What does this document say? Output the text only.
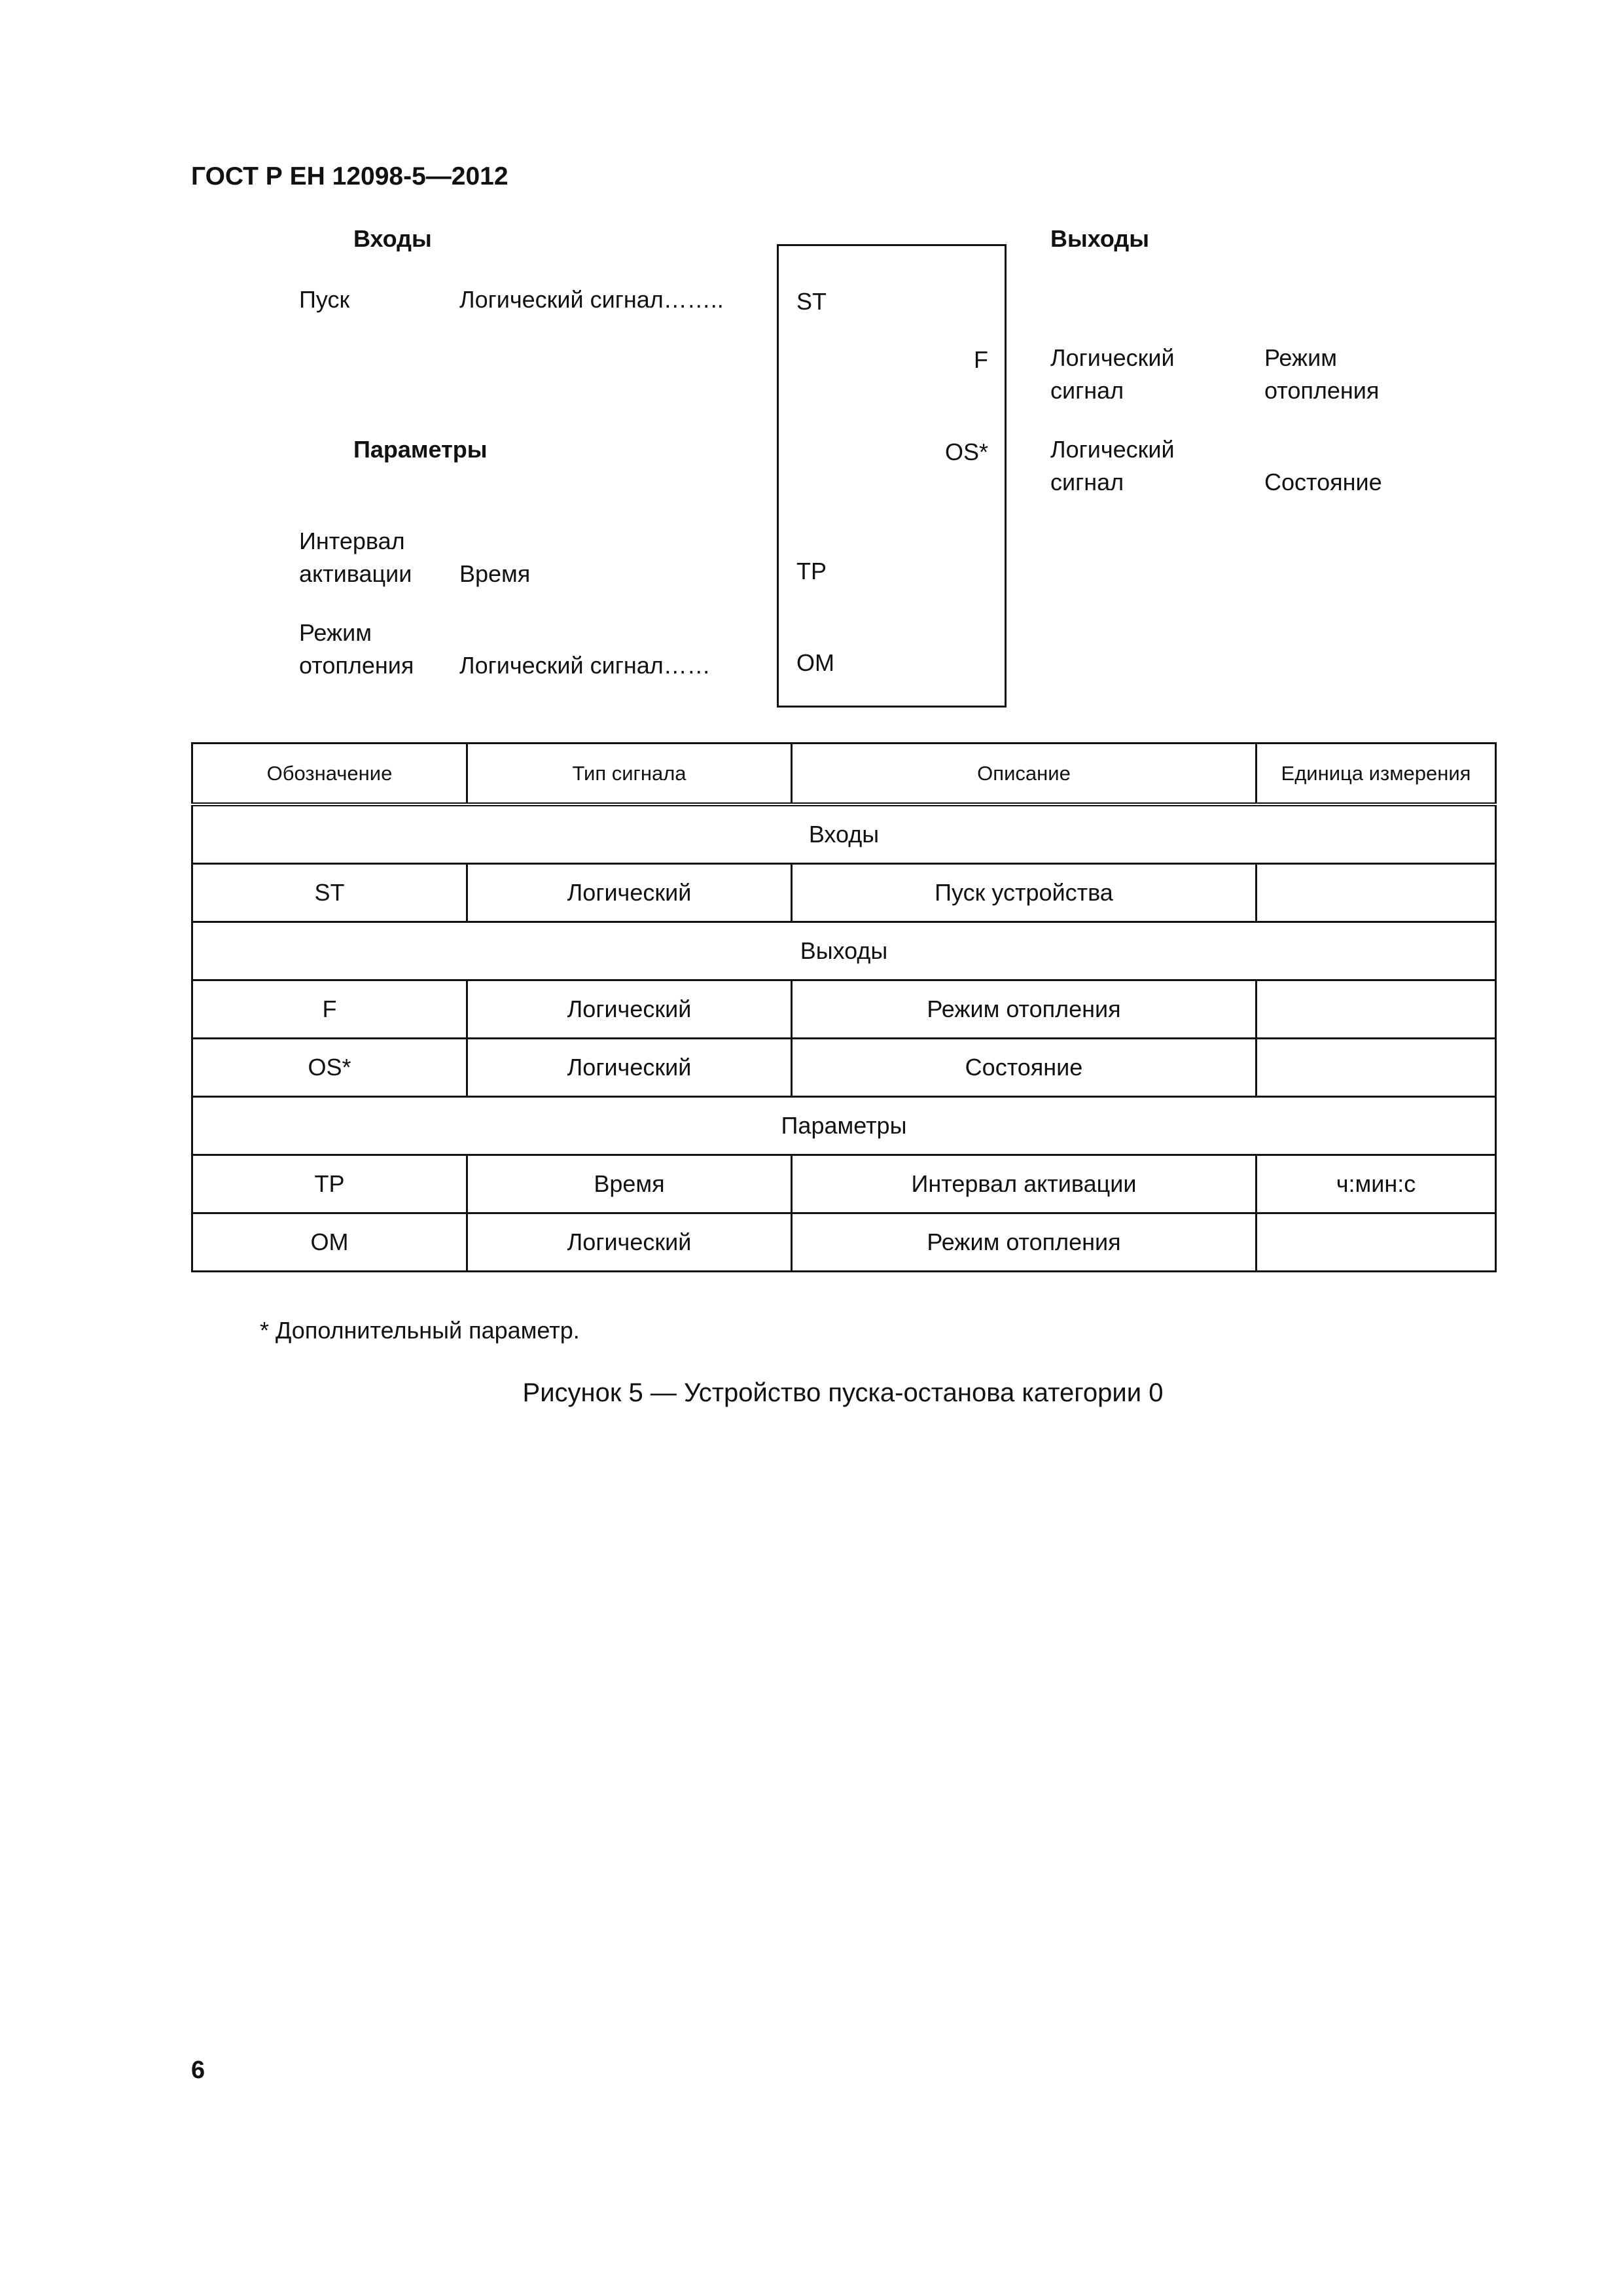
ГОСТ Р ЕН 12098-5—2012
Входы	Выходы
Параметры
Пуск	Логический сигнал……..	ST
F	Логический
сигнал
Режим
отопления
OS*	Логический
сигнал	Состояние
Интервал
активации Время	TP
Режим
отопления Логический сигнал……	OM
Обозначение	Тип сигнала	Описание	Единица измерения
Входы			
ST	Логический	Пуск устройства	
Выходы			
F	Логический	Режим отопления	
OS*	Логический	Состояние	
Параметры			
TP	Время	Интервал активации	ч:мин:с
OM	Логический	Режим отопления	
* Дополнительный параметр.
Рисунок 5 — Устройство пуска-останова категории 0
6
